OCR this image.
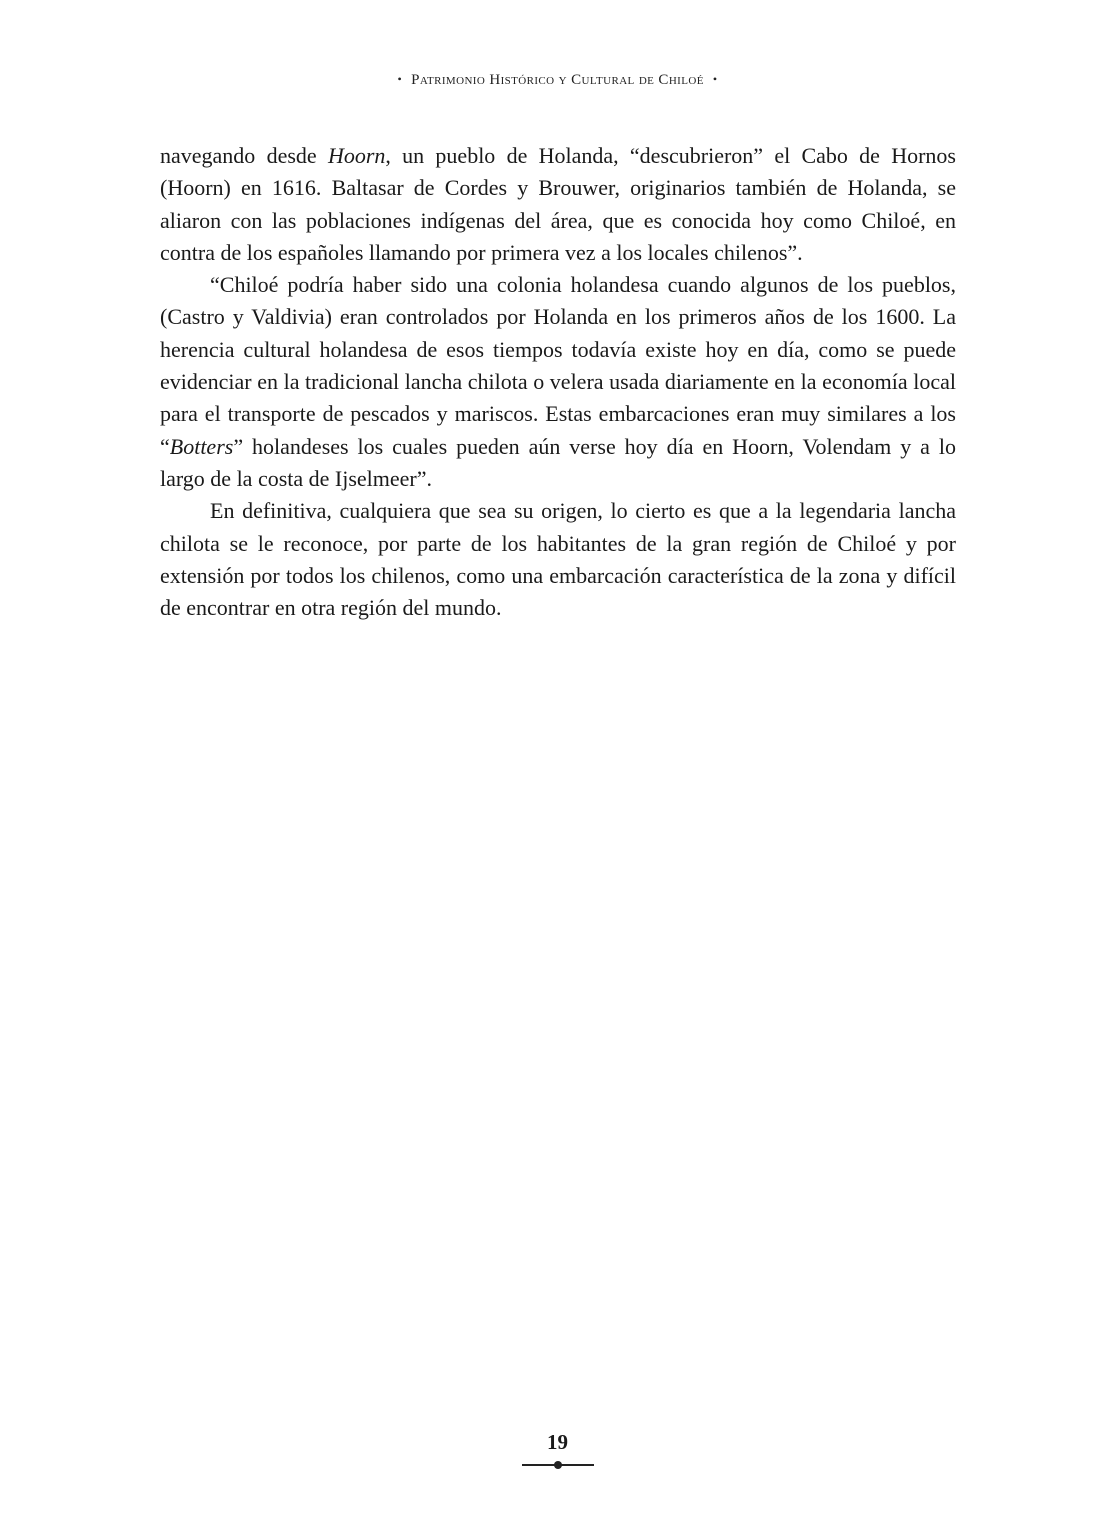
• Patrimonio Histórico y Cultural de Chiloé •

navegando desde Hoorn, un pueblo de Holanda, “descubrieron” el Cabo de Hornos (Hoorn) en 1616. Baltasar de Cordes y Brouwer, originarios también de Holanda, se aliaron con las poblaciones indígenas del área, que es conocida hoy como Chiloé, en contra de los españoles llamando por primera vez a los locales chilenos”.

“Chiloé podría haber sido una colonia holandesa cuando algunos de los pueblos, (Castro y Valdivia) eran controlados por Holanda en los primeros años de los 1600. La herencia cultural holandesa de esos tiempos todavía existe hoy en día, como se puede evidenciar en la tradicional lancha chilota o velera usada diariamente en la economía local para el transporte de pescados y mariscos. Estas embarcaciones eran muy similares a los “Botters” holandeses los cuales pueden aún verse hoy día en Hoorn, Volendam y a lo largo de la costa de Ijselmeer”.

En definitiva, cualquiera que sea su origen, lo cierto es que a la legendaria lancha chilota se le reconoce, por parte de los habitantes de la gran región de Chiloé y por extensión por todos los chilenos, como una embarcación característica de la zona y difícil de encontrar en otra región del mundo.

19
